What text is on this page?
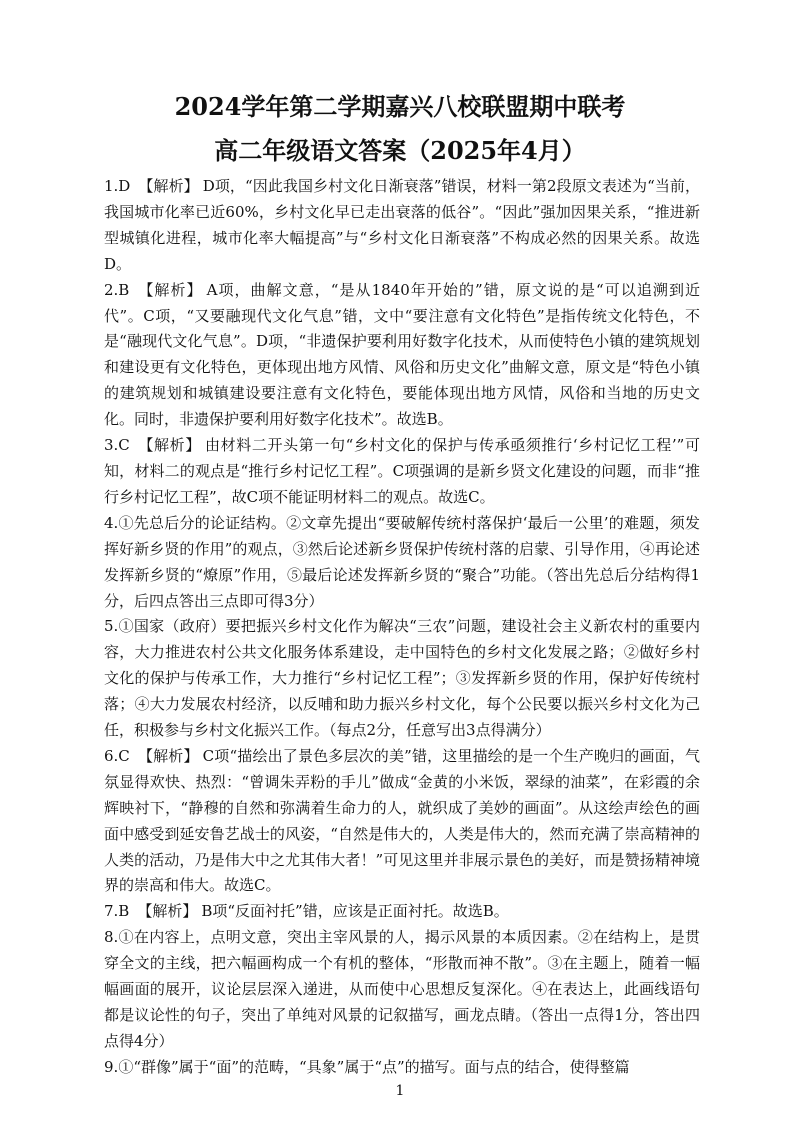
2024学年第二学期嘉兴八校联盟期中联考
高二年级语文答案（2025年4月）

1.D 【解析】 D项，“因此我国乡村文化日渐衰落”错误，材料一第2段原文表述为“当前，我国城市化率已近60%，乡村文化早已走出衰落的低谷”。“因此”强加因果关系，“推进新型城镇化进程，城市化率大幅提高”与“乡村文化日渐衰落”不构成必然的因果关系。故选D。

2.B 【解析】 A项，曲解文意，“是从1840年开始的”错，原文说的是“可以追溯到近代”。C项，“又要融现代文化气息”错，文中“要注意有文化特色”是指传统文化特色，不是“融现代文化气息”。D项，“非遗保护要利用好数字化技术，从而使特色小镇的建筑规划和建设更有文化特色，更体现出地方风情、风俗和历史文化”曲解文意，原文是“特色小镇的建筑规划和城镇建设要注意有文化特色，要能体现出地方风情，风俗和当地的历史文化。同时，非遗保护要利用好数字化技术”。故选B。

3.C 【解析】 由材料二开头第一句“乡村文化的保护与传承亟须推行‘乡村记忆工程’”可知，材料二的观点是“推行乡村记忆工程”。C项强调的是新乡贤文化建设的问题，而非“推行乡村记忆工程”，故C项不能证明材料二的观点。故选C。

4.①先总后分的论证结构。②文章先提出“要破解传统村落保护‘最后一公里’的难题，须发挥好新乡贤的作用”的观点，③然后论述新乡贤保护传统村落的启蒙、引导作用，④再论述发挥新乡贤的“燎原”作用，⑤最后论述发挥新乡贤的“聚合”功能。（答出先总后分结构得1分，后四点答出三点即可得3分）

5.①国家（政府）要把振兴乡村文化作为解决“三农”问题，建设社会主义新农村的重要内容，大力推进农村公共文化服务体系建设，走中国特色的乡村文化发展之路；②做好乡村文化的保护与传承工作，大力推行“乡村记忆工程”；③发挥新乡贤的作用，保护好传统村落；④大力发展农村经济，以反哺和助力振兴乡村文化，每个公民要以振兴乡村文化为己任，积极参与乡村文化振兴工作。（每点2分，任意写出3点得满分）

6.C 【解析】 C项“描绘出了景色多层次的美”错，这里描绘的是一个生产晚归的画面，气氛显得欢快、热烈：“曾调朱弄粉的手儿”做成“金黄的小米饭，翠绿的油菜”，在彩霞的余辉映衬下，“静穆的自然和弥满着生命力的人，就织成了美妙的画面”。从这绘声绘色的画面中感受到延安鲁艺战士的风姿，“自然是伟大的，人类是伟大的，然而充满了崇高精神的人类的活动，乃是伟大中之尤其伟大者！”可见这里并非展示景色的美好，而是赞扬精神境界的崇高和伟大。故选C。

7.B 【解析】 B项“反面衬托”错，应该是正面衬托。故选B。

8.①在内容上，点明文意，突出主宰风景的人，揭示风景的本质因素。②在结构上，是贯穿全文的主线，把六幅画构成一个有机的整体，“形散而神不散”。③在主题上，随着一幅幅画面的展开，议论层层深入递进，从而使中心思想反复深化。④在表达上，此画线语句都是议论性的句子，突出了单纯对风景的记叙描写，画龙点睛。（答出一点得1分，答出四点得4分）

9.①“群像”属于“面”的范畴，“具象”属于“点”的描写。面与点的结合，使得整篇

1
